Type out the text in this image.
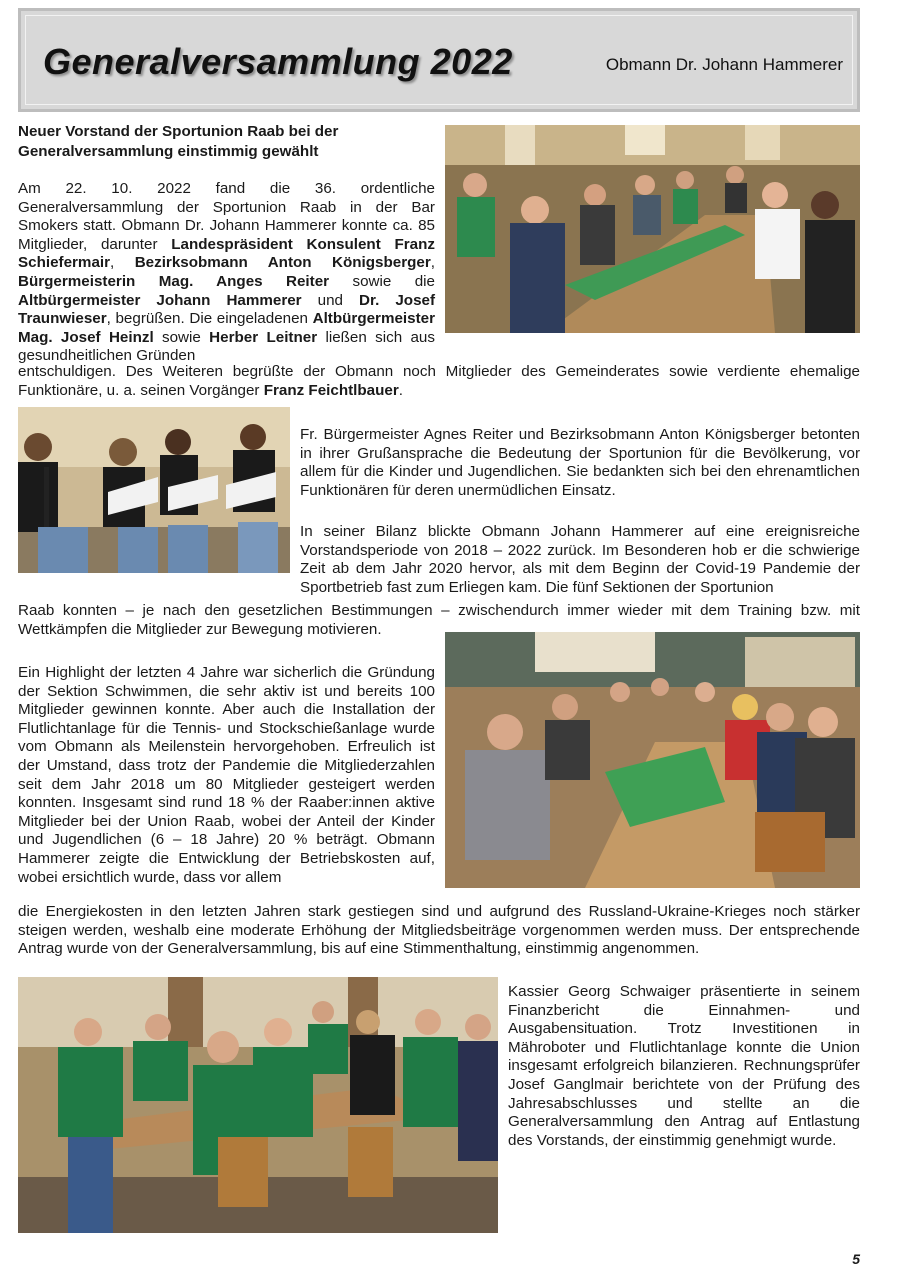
Generalversammlung 2022	Obmann Dr. Johann Hammerer
Neuer Vorstand der Sportunion Raab bei der Generalversammlung einstimmig gewählt
Am 22. 10. 2022 fand die 36. ordentliche Generalversammlung der Sportunion Raab in der Bar Smokers statt. Obmann Dr. Johann Hammerer konnte ca. 85 Mitglieder, darunter Landespräsident Konsulent Franz Schiefermair, Bezirksobmann Anton Königsberger, Bürgermeisterin Mag. Anges Reiter sowie die Altbürgermeister Johann Hammerer und Dr. Josef Traunwieser, begrüßen. Die eingeladenen Altbürgermeister Mag. Josef Heinzl sowie Herber Leitner ließen sich aus gesundheitlichen Gründen
entschuldigen. Des Weiteren begrüßte der Obmann noch Mitglieder des Gemeinderates sowie verdiente ehemalige Funktionäre, u. a. seinen Vorgänger Franz Feichtlbauer.
Fr. Bürgermeister Agnes Reiter und Bezirksobmann Anton Königsberger betonten in ihrer Grußansprache die Bedeutung der Sportunion für die Bevölkerung, vor allem für die Kinder und Jugendlichen. Sie bedankten sich bei den ehrenamtlichen Funktionären für deren unermüdlichen Einsatz.
In seiner Bilanz blickte Obmann Johann Hammerer auf eine ereignisreiche Vorstandsperiode von 2018 – 2022 zurück. Im Besonderen hob er die schwierige Zeit ab dem Jahr 2020 hervor, als mit dem Beginn der Covid-19 Pandemie der Sportbetrieb fast zum Erliegen kam. Die fünf Sektionen der Sportunion
Raab konnten – je nach den gesetzlichen Bestimmungen – zwischendurch immer wieder mit dem Training bzw. mit Wettkämpfen die Mitglieder zur Bewegung motivieren.
Ein Highlight der letzten 4 Jahre war sicherlich die Gründung der Sektion Schwimmen, die sehr aktiv ist und bereits 100 Mitglieder gewinnen konnte. Aber auch die Installation der Flutlichtanlage für die Tennis- und Stockschießanlage wurde vom Obmann als Meilenstein hervorgehoben. Erfreulich ist der Umstand, dass trotz der Pandemie die Mitgliederzahlen seit dem Jahr 2018 um 80 Mitglieder gesteigert werden konnten. Insgesamt sind rund 18 % der Raaber:innen aktive Mitglieder bei der Union Raab, wobei der Anteil der Kinder und Jugendlichen (6 – 18 Jahre) 20 % beträgt. Obmann Hammerer zeigte die Entwicklung der Betriebskosten auf, wobei ersichtlich wurde, dass vor allem
die Energiekosten in den letzten Jahren stark gestiegen sind und aufgrund des Russland-Ukraine-Krieges noch stärker steigen werden, weshalb eine moderate Erhöhung der Mitgliedsbeiträge vorgenommen werden muss. Der entsprechende Antrag wurde von der Generalversammlung, bis auf eine Stimmenthaltung, einstimmig angenommen.
Kassier Georg Schwaiger präsentierte in seinem Finanzbericht die Einnahmen- und Ausgabensituation. Trotz Investitionen in Mähroboter und Flutlichtanlage konnte die Union insgesamt erfolgreich bilanzieren. Rechnungsprüfer Josef Ganglmair berichtete von der Prüfung des Jahresabschlusses und stellte an die Generalversammlung den Antrag auf Entlastung des Vorstands, der einstimmig genehmigt wurde.
5
